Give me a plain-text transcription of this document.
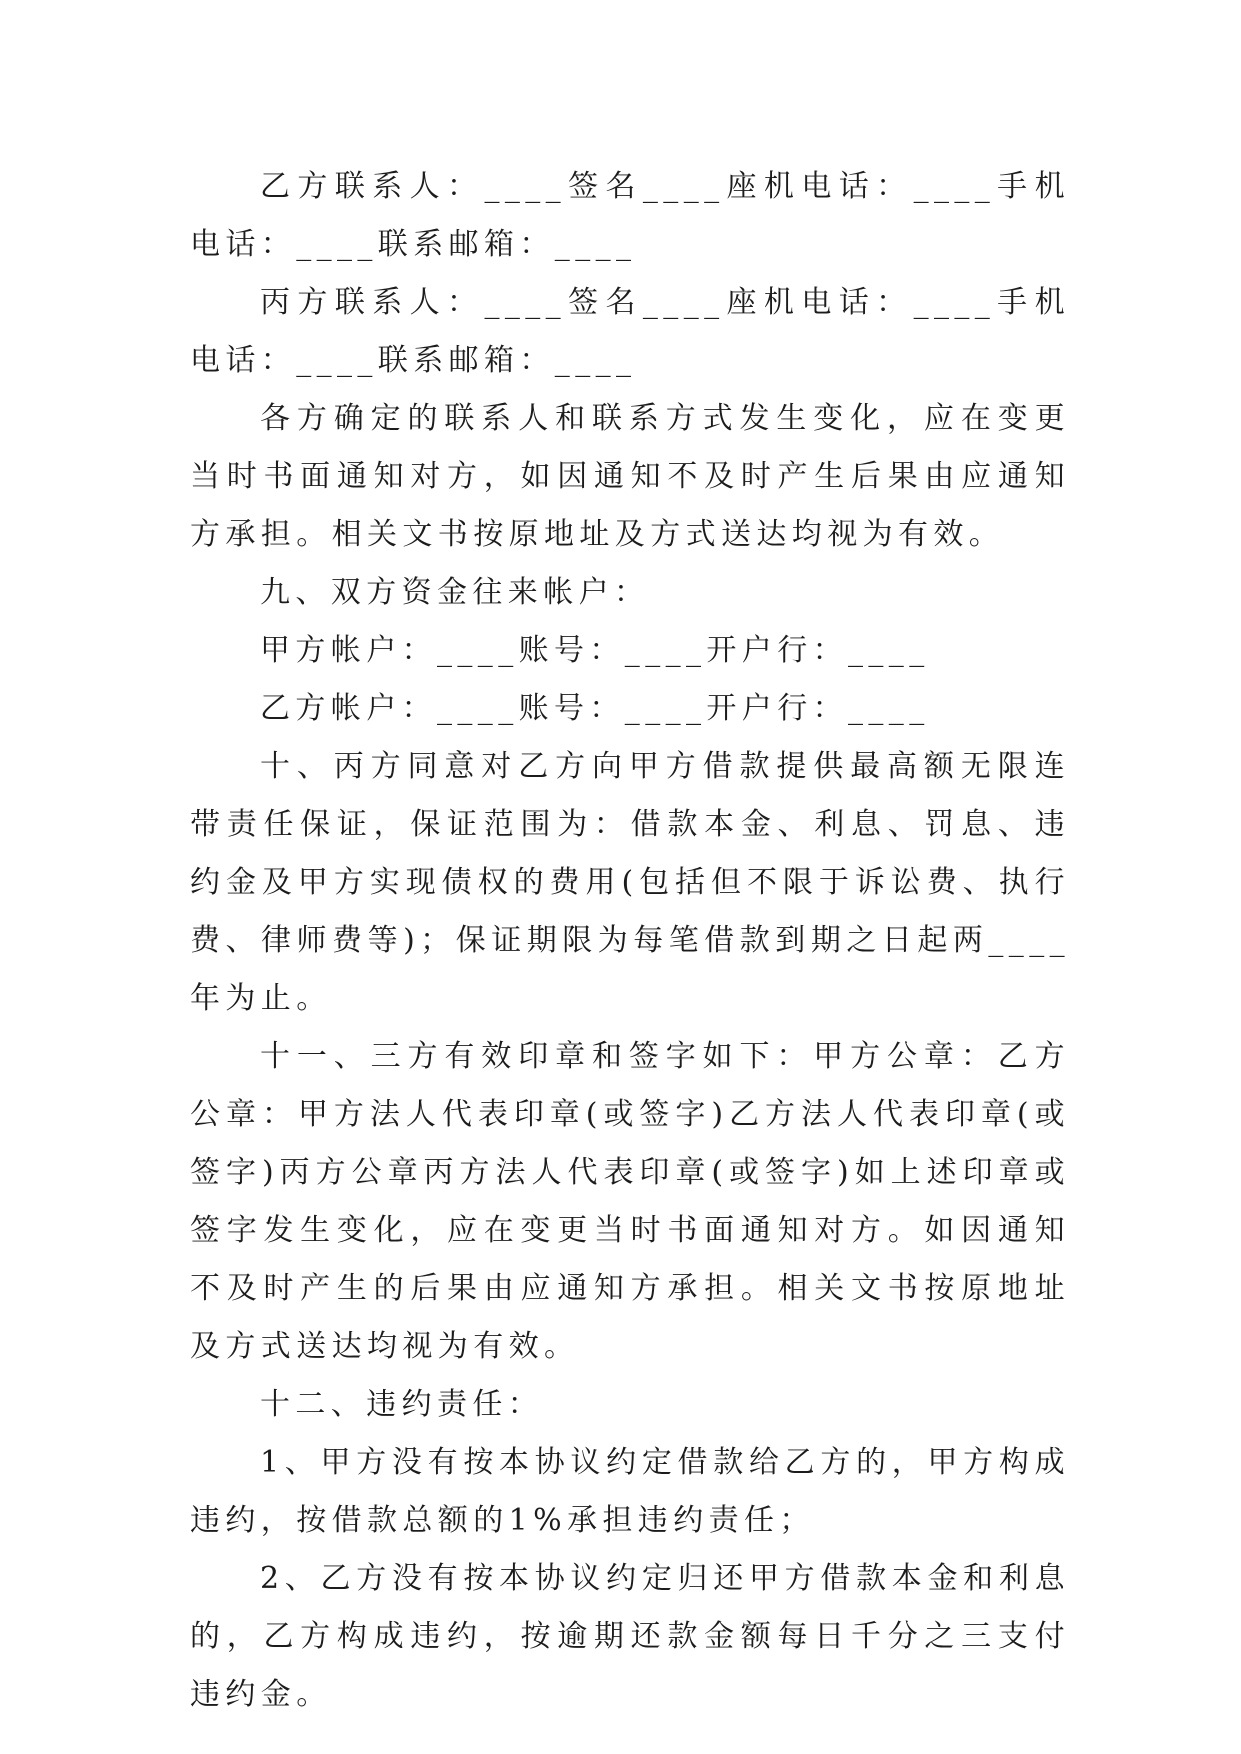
乙方联系人：____签名____座机电话：____手机电话：____联系邮箱：____

丙方联系人：____签名____座机电话：____手机电话：____联系邮箱：____

各方确定的联系人和联系方式发生变化，应在变更当时书面通知对方，如因通知不及时产生后果由应通知方承担。相关文书按原地址及方式送达均视为有效。

九、双方资金往来帐户：

甲方帐户：____账号：____开户行：____

乙方帐户：____账号：____开户行：____

十、丙方同意对乙方向甲方借款提供最高额无限连带责任保证，保证范围为：借款本金、利息、罚息、违约金及甲方实现债权的费用(包括但不限于诉讼费、执行费、律师费等)；保证期限为每笔借款到期之日起两____年为止。

十一、三方有效印章和签字如下：甲方公章：乙方公章：甲方法人代表印章(或签字)乙方法人代表印章(或签字)丙方公章丙方法人代表印章(或签字)如上述印章或签字发生变化，应在变更当时书面通知对方。如因通知不及时产生的后果由应通知方承担。相关文书按原地址及方式送达均视为有效。

十二、违约责任：

1、甲方没有按本协议约定借款给乙方的，甲方构成违约，按借款总额的1%承担违约责任；

2、乙方没有按本协议约定归还甲方借款本金和利息的，乙方构成违约，按逾期还款金额每日千分之三支付违约金。
